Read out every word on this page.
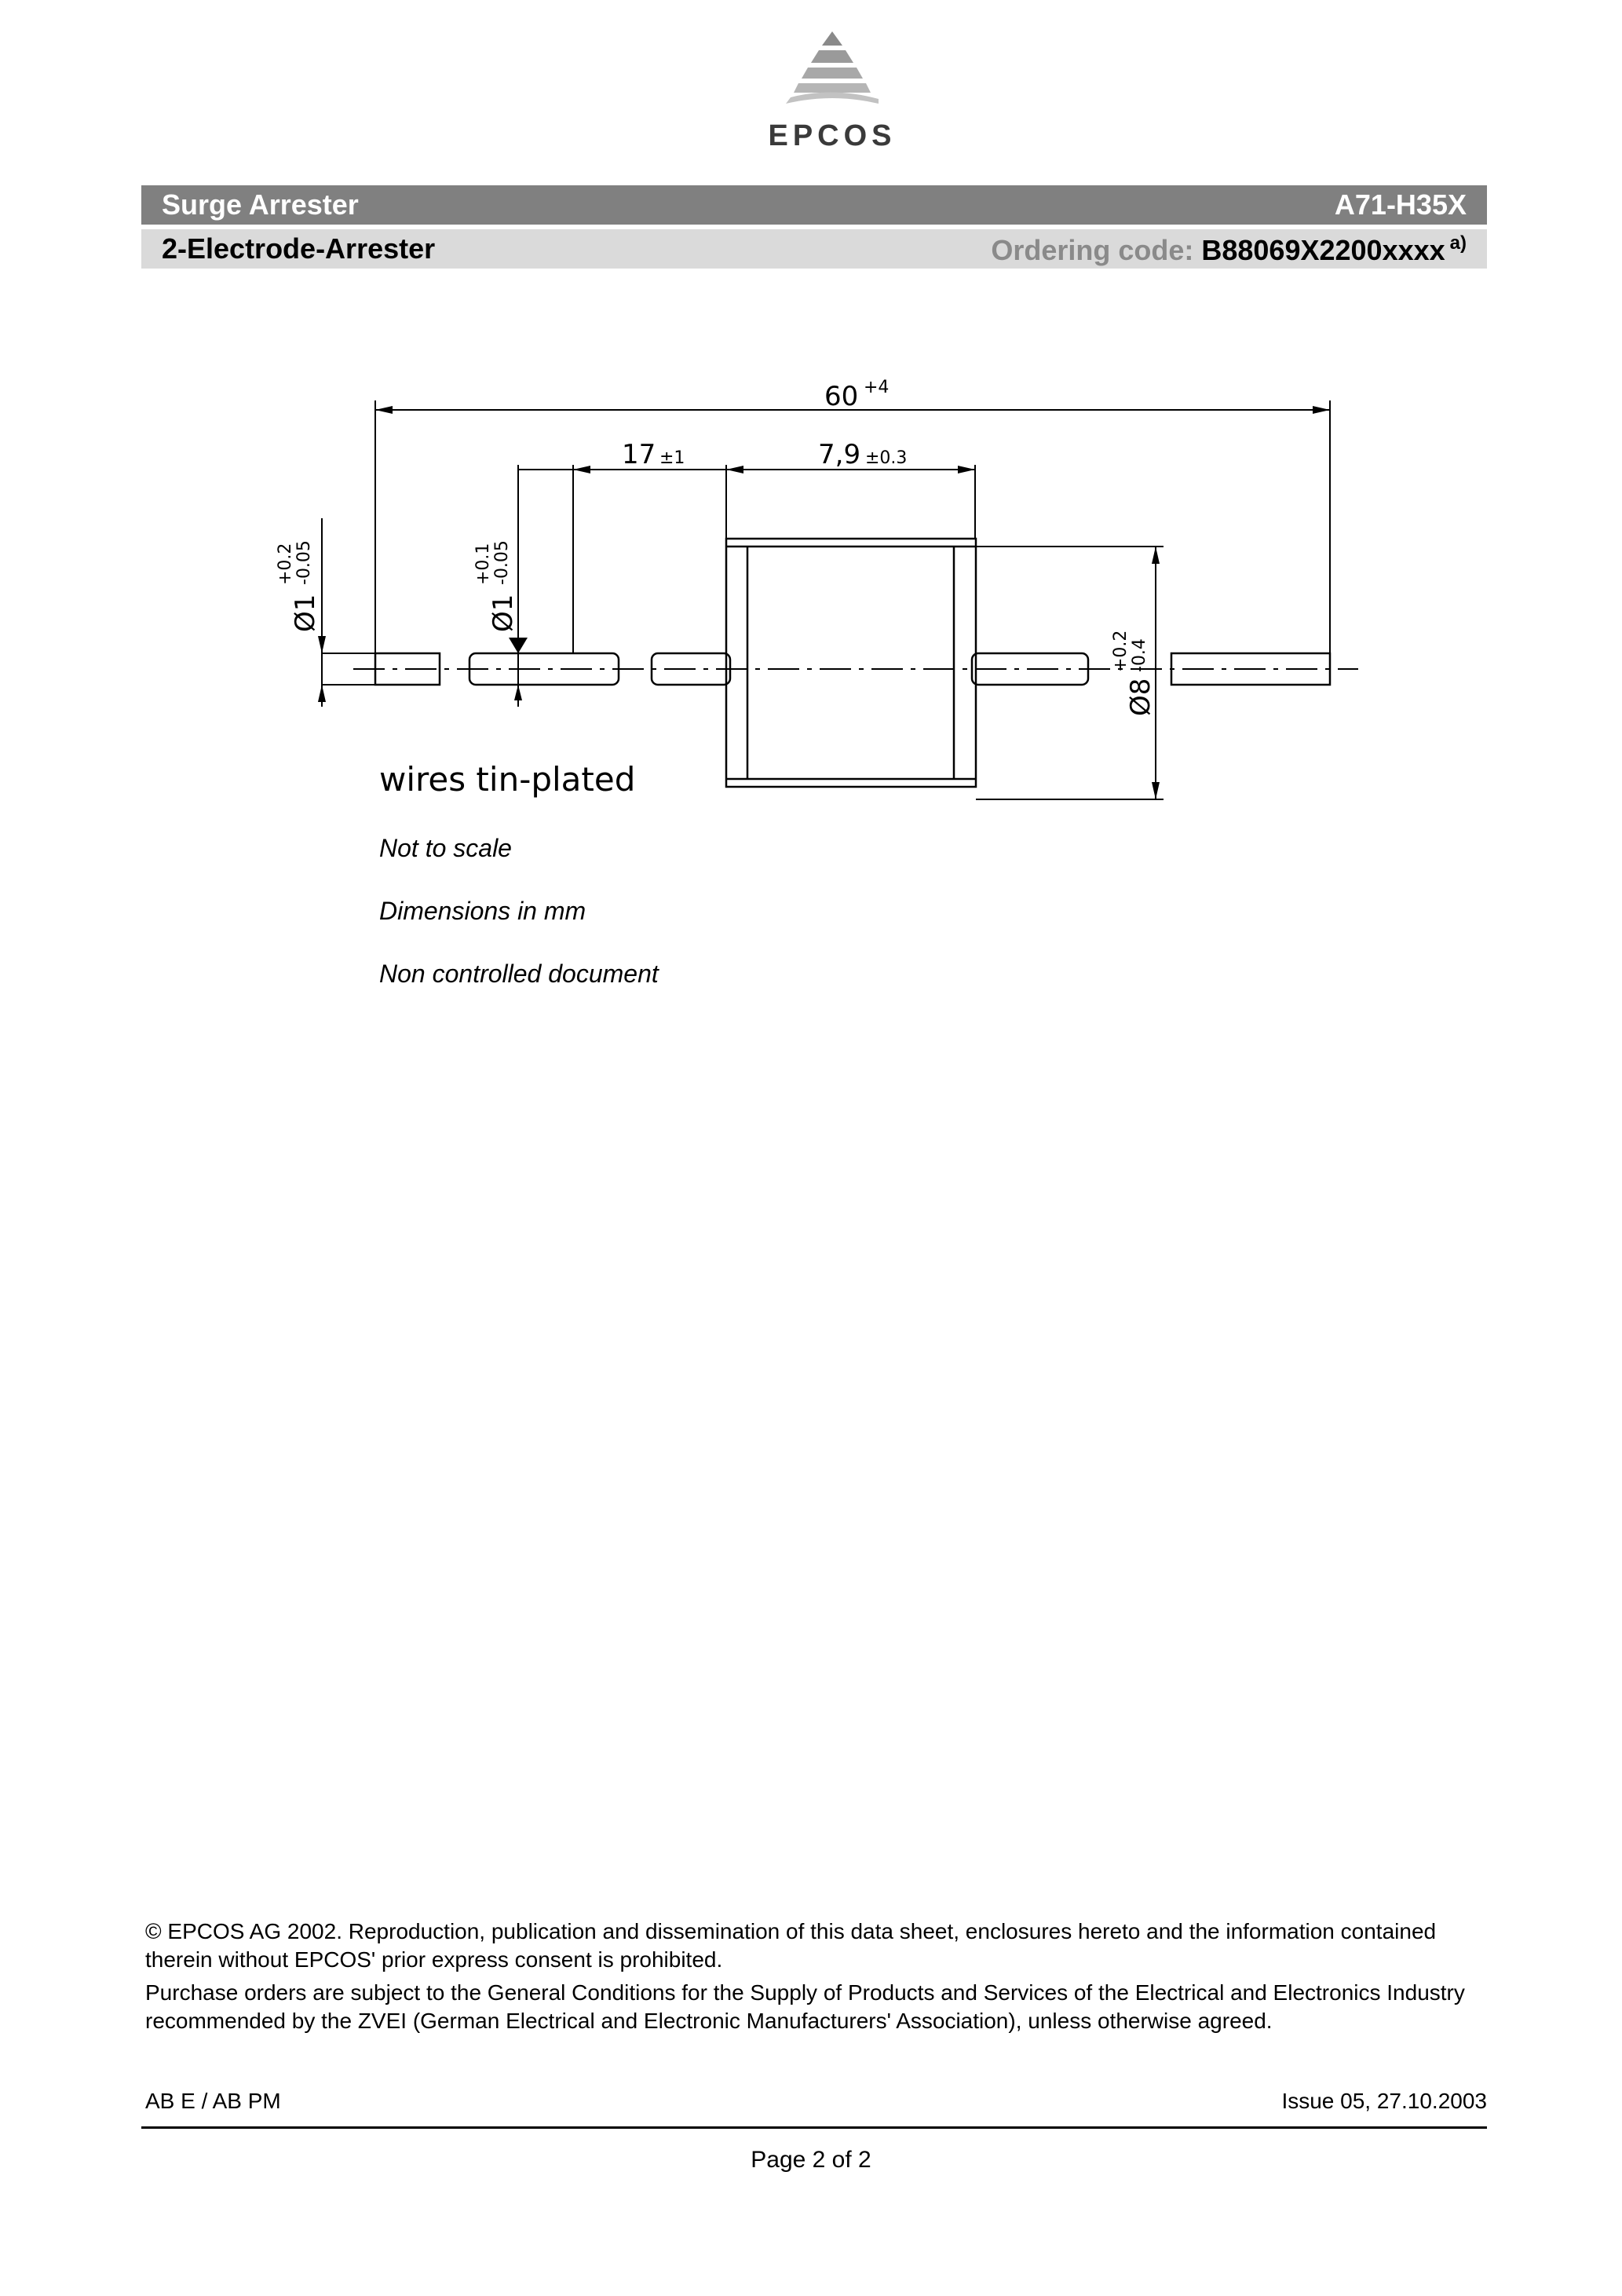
EPCOS
Surge Arrester	A71-H35X
2-Electrode-Arrester	Ordering code: B88069X2200xxxx $^{a)}$
60 +4
17 ±1	7,9 ±0.3
Ø1
+0.2 -0.05
Ø1
+0.1 -0.05
Ø8
+0.2 -0.4
wires tin-plated
Not to scale
Dimensions in mm
Non controlled document
© EPCOS AG 2002. Reproduction, publication and dissemination of this data sheet, enclosures hereto and the information contained therein without EPCOS' prior express consent is prohibited.
Purchase orders are subject to the General Conditions for the Supply of Products and Services of the Electrical and Electronics Industry recommended by the ZVEI (German Electrical and Electronic Manufacturers' Association), unless otherwise agreed.
AB E / AB PM	Issue 05, 27.10.2003
Page 2 of 2
